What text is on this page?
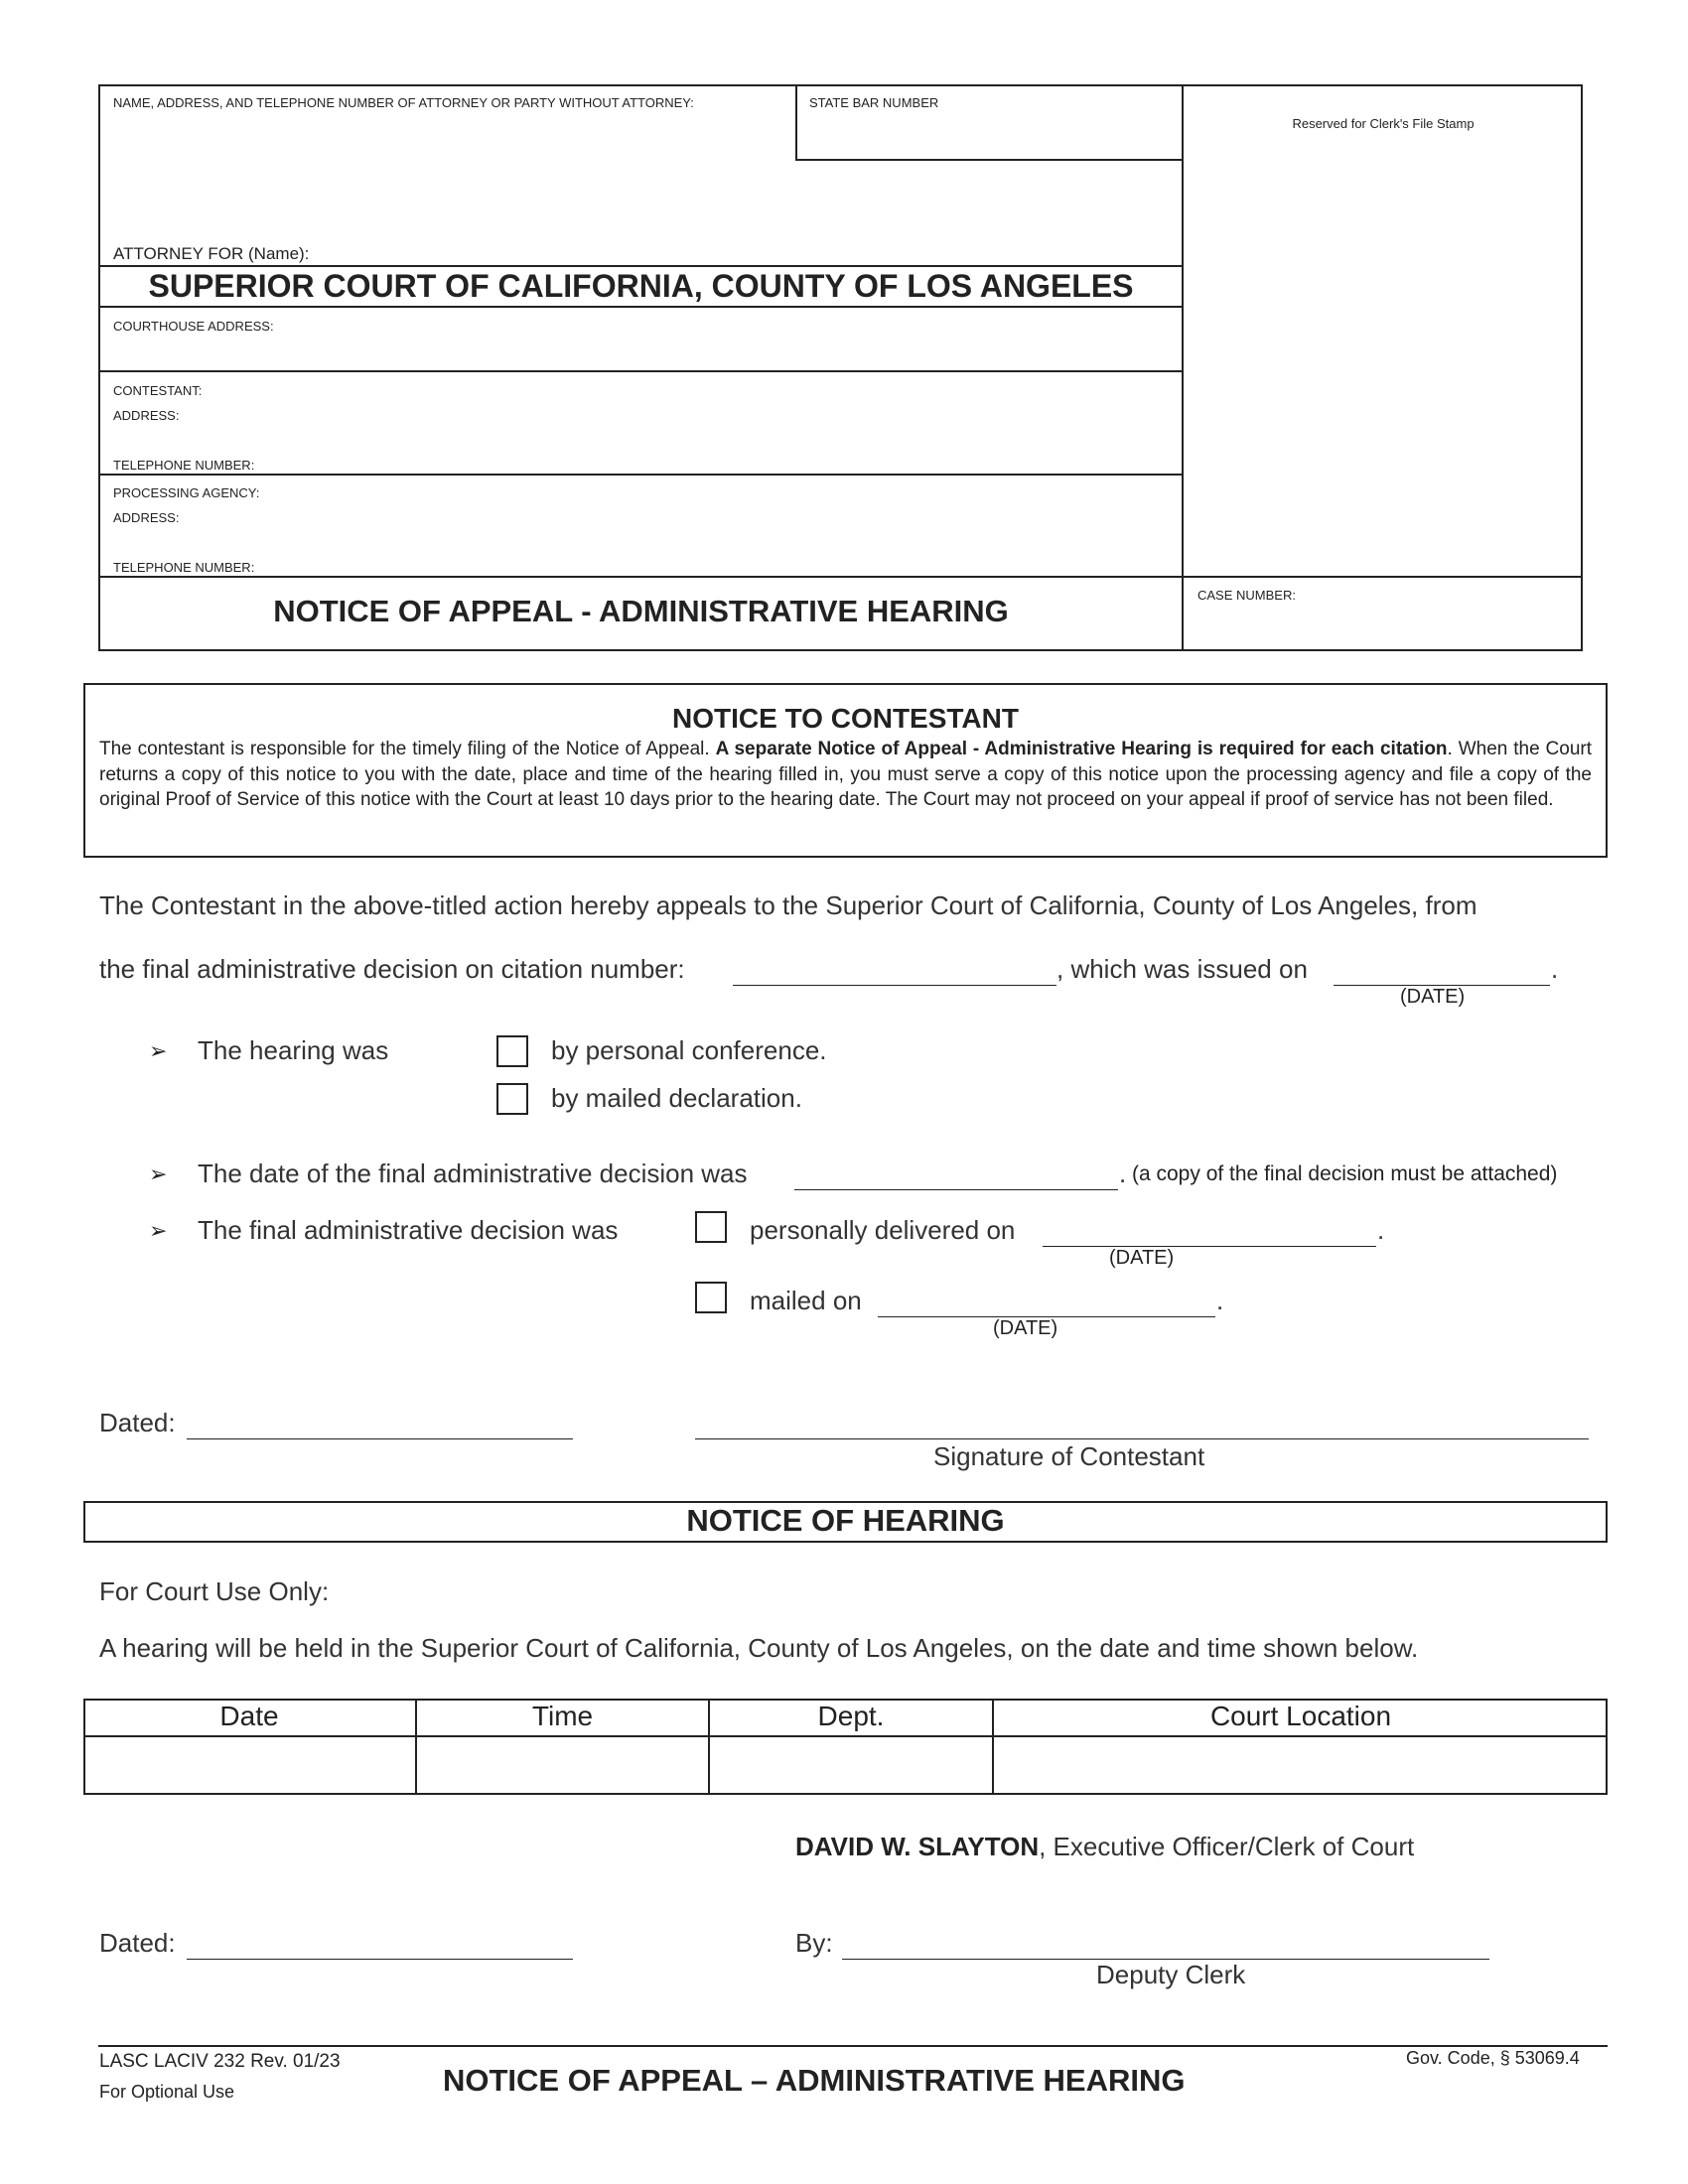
NAME, ADDRESS, AND TELEPHONE NUMBER OF ATTORNEY OR PARTY WITHOUT ATTORNEY:	STATE BAR NUMBER
Reserved for Clerk's File Stamp
ATTORNEY FOR (Name):
SUPERIOR COURT OF CALIFORNIA, COUNTY OF LOS ANGELES
COURTHOUSE ADDRESS:
CONTESTANT:
ADDRESS:
TELEPHONE NUMBER:
PROCESSING AGENCY:
ADDRESS:
TELEPHONE NUMBER:
NOTICE OF APPEAL - ADMINISTRATIVE HEARING	CASE NUMBER:
NOTICE TO CONTESTANT
The contestant is responsible for the timely filing of the Notice of Appeal. A separate Notice of Appeal - Administrative Hearing is required for each citation. When the Court returns a copy of this notice to you with the date, place and time of the hearing filled in, you must serve a copy of this notice upon the processing agency and file a copy of the original Proof of Service of this notice with the Court at least 10 days prior to the hearing date. The Court may not proceed on your appeal if proof of service has not been filed.
The Contestant in the above-titled action hereby appeals to the Superior Court of California, County of Los Angeles, from
the final administrative decision on citation number:	, which was issued on	.
(DATE)
➢ The hearing was	by personal conference.
by mailed declaration.
➢ The date of the final administrative decision was	. (a copy of the final decision must be attached)
➢ The final administrative decision was	personally delivered on	.
(DATE)
mailed on	.
(DATE)
Dated:
Signature of Contestant
NOTICE OF HEARING
For Court Use Only:
A hearing will be held in the Superior Court of California, County of Los Angeles, on the date and time shown below.
Date	Time	Dept.	Court Location
DAVID W. SLAYTON, Executive Officer/Clerk of Court
Dated:	By:
Deputy Clerk
LASC LACIV 232 Rev. 01/23
For Optional Use	NOTICE OF APPEAL – ADMINISTRATIVE HEARING
Gov. Code, § 53069.4
